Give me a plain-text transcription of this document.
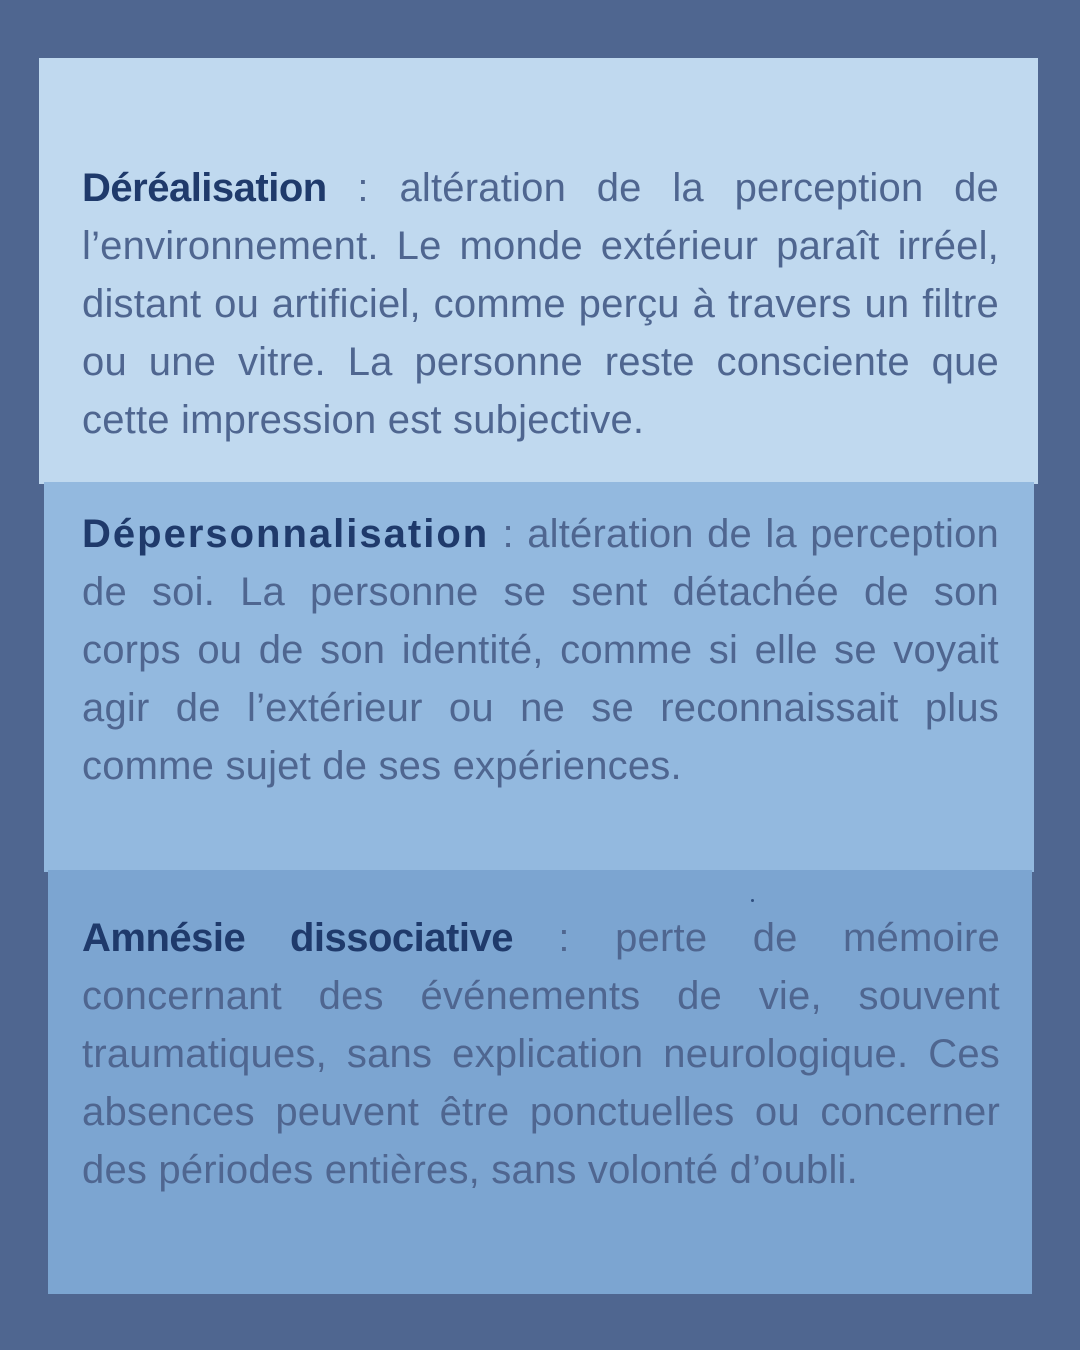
Déréalisation : altération de la perception de l’environnement. Le monde extérieur paraît irréel, distant ou artificiel, comme perçu à travers un filtre ou une vitre. La personne reste consciente que cette impression est subjective.

Dépersonnalisation : altération de la perception de soi. La personne se sent détachée de son corps ou de son identité, comme si elle se voyait agir de l’extérieur ou ne se reconnaissait plus comme sujet de ses expériences.

Amnésie dissociative : perte de mémoire concernant des événements de vie, souvent traumatiques, sans explication neurologique. Ces absences peuvent être ponctuelles ou concerner des périodes entières, sans volonté d’oubli.
